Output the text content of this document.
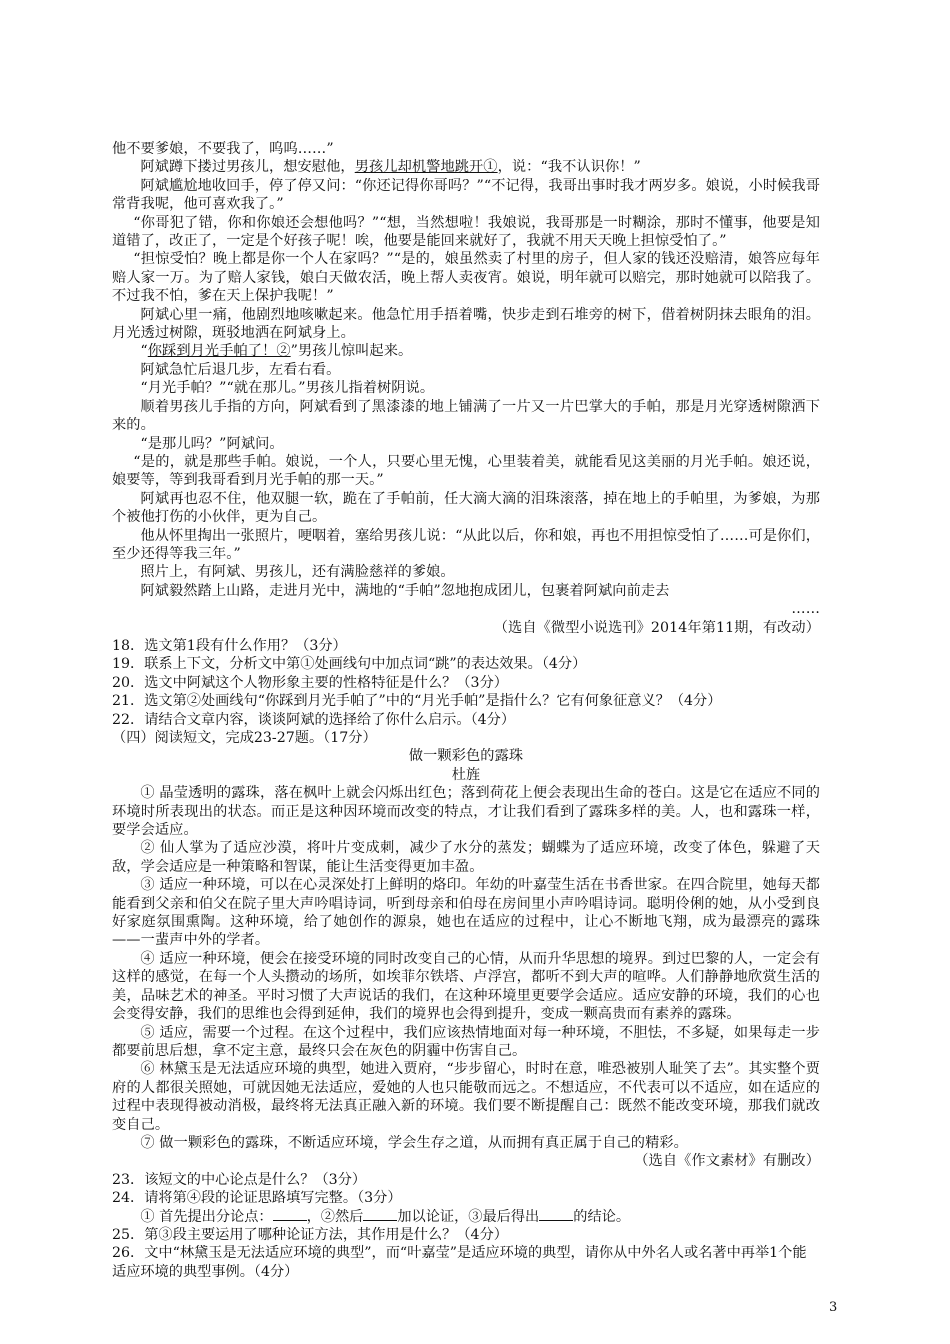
他不要爹娘，不要我了，呜呜……”

阿斌蹲下搂过男孩儿，想安慰他，男孩儿却机警地跳开①，说：“我不认识你！”

阿斌尴尬地收回手，停了停又问：“你还记得你哥吗？”“不记得，我哥出事时我才两岁多。娘说，小时候我哥常背我呢，他可喜欢我了。”

“你哥犯了错，你和你娘还会想他吗？”“想，当然想啦！我娘说，我哥那是一时糊涂，那时不懂事，他要是知道错了，改正了，一定是个好孩子呢！唉，他要是能回来就好了，我就不用天天晚上担惊受怕了。”

“担惊受怕？晚上都是你一个人在家吗？”“是的，娘虽然卖了村里的房子，但人家的钱还没赔清，娘答应每年赔人家一万。为了赔人家钱，娘白天做农活，晚上帮人卖夜宵。娘说，明年就可以赔完，那时她就可以陪我了。不过我不怕，爹在天上保护我呢！”

阿斌心里一痛，他剧烈地咳嗽起来。他急忙用手捂着嘴，快步走到石堆旁的树下，借着树阴抹去眼角的泪。月光透过树隙，斑驳地洒在阿斌身上。

“你踩到月光手帕了！②”男孩儿惊叫起来。

阿斌急忙后退几步，左看右看。

“月光手帕？”“就在那儿。”男孩儿指着树阴说。

顺着男孩儿手指的方向，阿斌看到了黑漆漆的地上铺满了一片又一片巴掌大的手帕，那是月光穿透树隙洒下来的。

“是那儿吗？”阿斌问。

“是的，就是那些手帕。娘说，一个人，只要心里无愧，心里装着美，就能看见这美丽的月光手帕。娘还说，娘要等，等到我哥看到月光手帕的那一天。”

阿斌再也忍不住，他双腿一软，跪在了手帕前，任大滴大滴的泪珠滚落，掉在地上的手帕里，为爹娘，为那个被他打伤的小伙伴，更为自己。

他从怀里掏出一张照片，哽咽着，塞给男孩儿说：“从此以后，你和娘，再也不用担惊受怕了……可是你们，至少还得等我三年。”

照片上，有阿斌、男孩儿，还有满脸慈祥的爹娘。

阿斌毅然踏上山路，走进月光中，满地的“手帕”忽地抱成团儿，包裹着阿斌向前走去

……

（选自《微型小说选刊》2014年第11期，有改动）

18．选文第1段有什么作用？（3分）

19．联系上下文，分析文中第①处画线句中加点词“跳”的表达效果。（4分）

20．选文中阿斌这个人物形象主要的性格特征是什么？（3分）

21．选文第②处画线句“你踩到月光手帕了”中的“月光手帕”是指什么？它有何象征意义？（4分）

22．请结合文章内容，谈谈阿斌的选择给了你什么启示。（4分）

（四）阅读短文，完成23-27题。（17分）

做一颗彩色的露珠

杜旌

① 晶莹透明的露珠，落在枫叶上就会闪烁出红色；落到荷花上便会表现出生命的苍白。这是它在适应不同的环境时所表现出的状态。而正是这种因环境而改变的特点，才让我们看到了露珠多样的美。人，也和露珠一样，要学会适应。

② 仙人掌为了适应沙漠，将叶片变成刺，减少了水分的蒸发；蝴蝶为了适应环境，改变了体色，躲避了天敌，学会适应是一种策略和智谋，能让生活变得更加丰盈。

③ 适应一种环境，可以在心灵深处打上鲜明的烙印。年幼的叶嘉莹生活在书香世家。在四合院里，她每天都能看到父亲和伯父在院子里大声吟唱诗词，听到母亲和伯母在房间里小声吟唱诗词。聪明伶俐的她，从小受到良好家庭氛围熏陶。这种环境，给了她创作的源泉，她也在适应的过程中，让心不断地飞翔，成为最漂亮的露珠——一蜚声中外的学者。

④ 适应一种环境，便会在接受环境的同时改变自己的心情，从而升华思想的境界。到过巴黎的人，一定会有这样的感觉，在每一个人头攒动的场所，如埃菲尔铁塔、卢浮宫，都听不到大声的喧哗。人们静静地欣赏生活的美，品味艺术的神圣。平时习惯了大声说话的我们，在这种环境里更要学会适应。适应安静的环境，我们的心也会变得安静，我们的思维也会得到延伸，我们的境界也会得到提升，变成一颗高贵而有素养的露珠。

⑤ 适应，需要一个过程。在这个过程中，我们应该热情地面对每一种环境，不胆怯，不多疑，如果每走一步都要前思后想，拿不定主意，最终只会在灰色的阴霾中伤害自己。

⑥ 林黛玉是无法适应环境的典型，她进入贾府，“步步留心，时时在意，唯恐被别人耻笑了去”。其实整个贾府的人都很关照她，可就因她无法适应，爱她的人也只能敬而远之。不想适应，不代表可以不适应，如在适应的过程中表现得被动消极，最终将无法真正融入新的环境。我们要不断提醒自己：既然不能改变环境，那我们就改变自己。

⑦ 做一颗彩色的露珠，不断适应环境，学会生存之道，从而拥有真正属于自己的精彩。

（选自《作文素材》有删改）

23．该短文的中心论点是什么？（3分）

24．请将第④段的论证思路填写完整。（3分）

① 首先提出分论点： ，②然后 加以论证，③最后得出 的结论。

25．第③段主要运用了哪种论证方法，其作用是什么？（4分）

26．文中“林黛玉是无法适应环境的典型”，而“叶嘉莹”是适应环境的典型，请你从中外名人或名著中再举1个能适应环境的典型事例。（4分）

3
